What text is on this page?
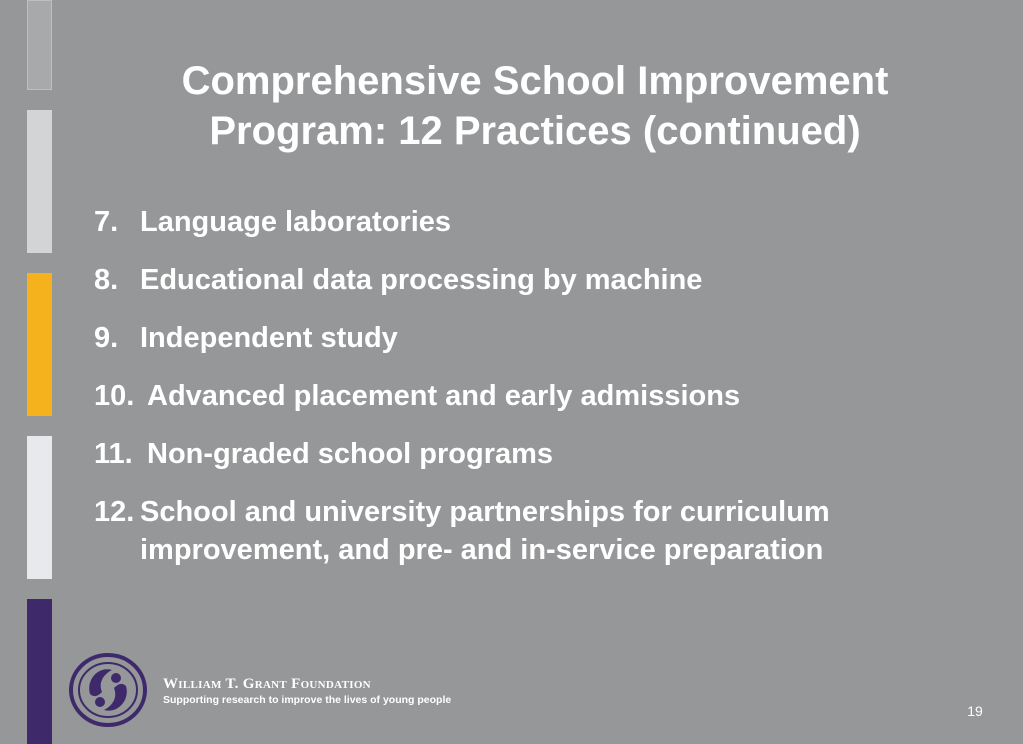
Comprehensive School Improvement
Program: 12 Practices (continued)
7. Language laboratories
8. Educational data processing by machine
9. Independent study
10. Advanced placement and early admissions
11. Non-graded school programs
12.
School and university partnerships for curriculum improvement, and pre- and in-service preparation
William T. Grant Foundation
Supporting research to improve the lives of young people
19
